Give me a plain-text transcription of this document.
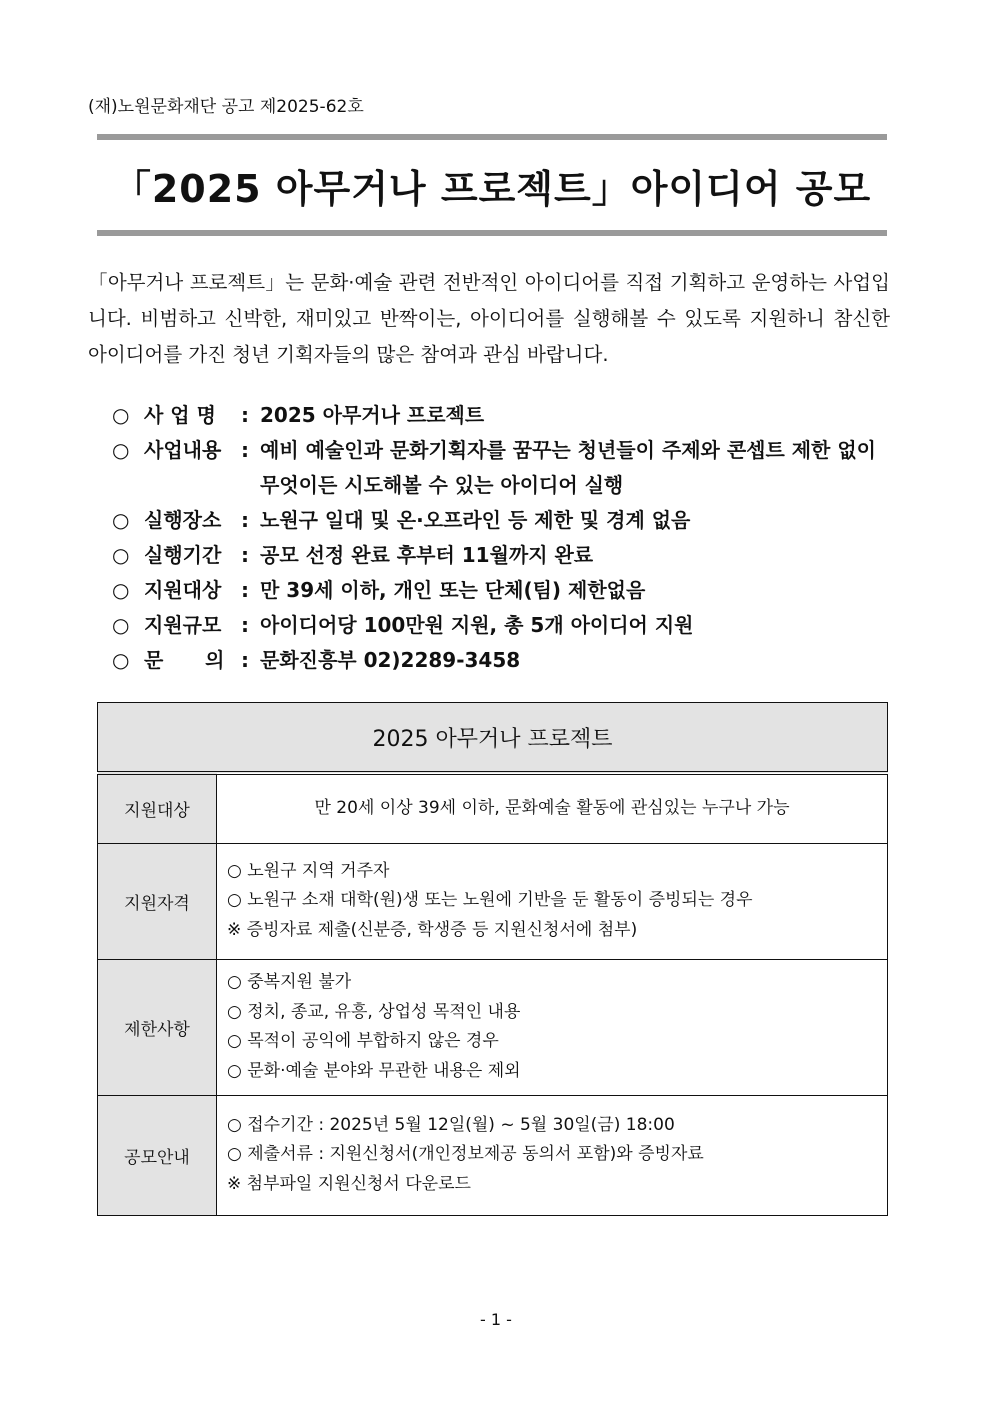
(재)노원문화재단 공고 제2025-62호
「2025 아무거나 프로젝트」아이디어 공모
「아무거나 프로젝트」는 문화·예술 관련 전반적인 아이디어를 직접 기획하고 운영하는 사업입니다. 비범하고 신박한, 재미있고 반짝이는, 아이디어를 실행해볼 수 있도록 지원하니 참신한 아이디어를 가진 청년 기획자들의 많은 참여과 관심 바랍니다.
○ 사 업 명	: 2025 아무거나 프로젝트
○ 사업내용 : 예비 예술인과 문화기획자를 꿈꾸는 청년들이 주제와 콘셉트 제한 없이 무엇이든 시도해볼 수 있는 아이디어 실행
○ 실행장소 : 노원구 일대 및 온·오프라인 등 제한 및 경계 없음
○ 실행기간 : 공모 선정 완료 후부터 11월까지 완료
○ 지원대상 : 만 39세 이하, 개인 또는 단체(팀) 제한없음
○ 지원규모 : 아이디어당 100만원 지원, 총 5개 아이디어 지원
○ 문      의 : 문화진흥부 02)2289-3458
2025 아무거나 프로젝트	
지원대상	만 20세 이상 39세 이하, 문화예술 활동에 관심있는 누구나 가능

지원자격	○ 노원구 지역 거주자
○ 노원구 소재 대학(원)생 또는 노원에 기반을 둔 활동이 증빙되는 경우
※ 증빙자료 제출(신분증, 학생증 등 지원신청서에 첨부)

제한사항	○ 중복지원 불가
○ 정치, 종교, 유흥, 상업성 목적인 내용
○ 목적이 공익에 부합하지 않은 경우
○ 문화·예술 분야와 무관한 내용은 제외

공모안내	○ 접수기간 : 2025년 5월 12일(월) ~ 5월 30일(금) 18:00
○ 제출서류 : 지원신청서(개인정보제공 동의서 포함)와 증빙자료
※ 첨부파일 지원신청서 다운로드
- 1 -
